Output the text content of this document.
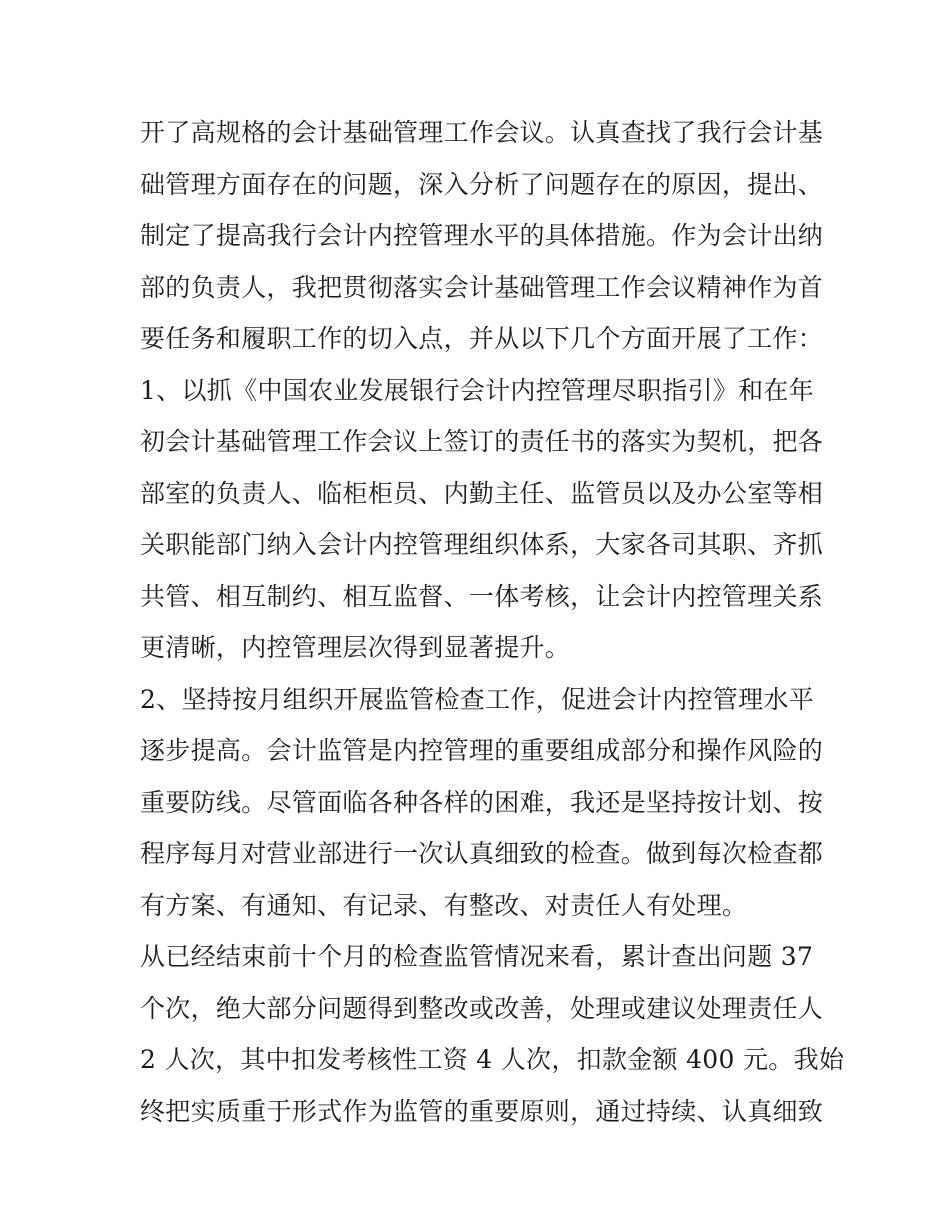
开了高规格的会计基础管理工作会议。认真查找了我行会计基
础管理方面存在的问题，深入分析了问题存在的原因，提出、
制定了提高我行会计内控管理水平的具体措施。作为会计出纳
部的负责人，我把贯彻落实会计基础管理工作会议精神作为首
要任务和履职工作的切入点，并从以下几个方面开展了工作：
1、以抓《中国农业发展银行会计内控管理尽职指引》和在年
初会计基础管理工作会议上签订的责任书的落实为契机，把各
部室的负责人、临柜柜员、内勤主任、监管员以及办公室等相
关职能部门纳入会计内控管理组织体系，大家各司其职、齐抓
共管、相互制约、相互监督、一体考核，让会计内控管理关系
更清晰，内控管理层次得到显著提升。
2、坚持按月组织开展监管检查工作，促进会计内控管理水平
逐步提高。会计监管是内控管理的重要组成部分和操作风险的
重要防线。尽管面临各种各样的困难，我还是坚持按计划、按
程序每月对营业部进行一次认真细致的检查。做到每次检查都
有方案、有通知、有记录、有整改、对责任人有处理。
从已经结束前十个月的检查监管情况来看，累计查出问题 37
个次，绝大部分问题得到整改或改善，处理或建议处理责任人
2 人次，其中扣发考核性工资 4 人次，扣款金额 400 元。我始
终把实质重于形式作为监管的重要原则，通过持续、认真细致
